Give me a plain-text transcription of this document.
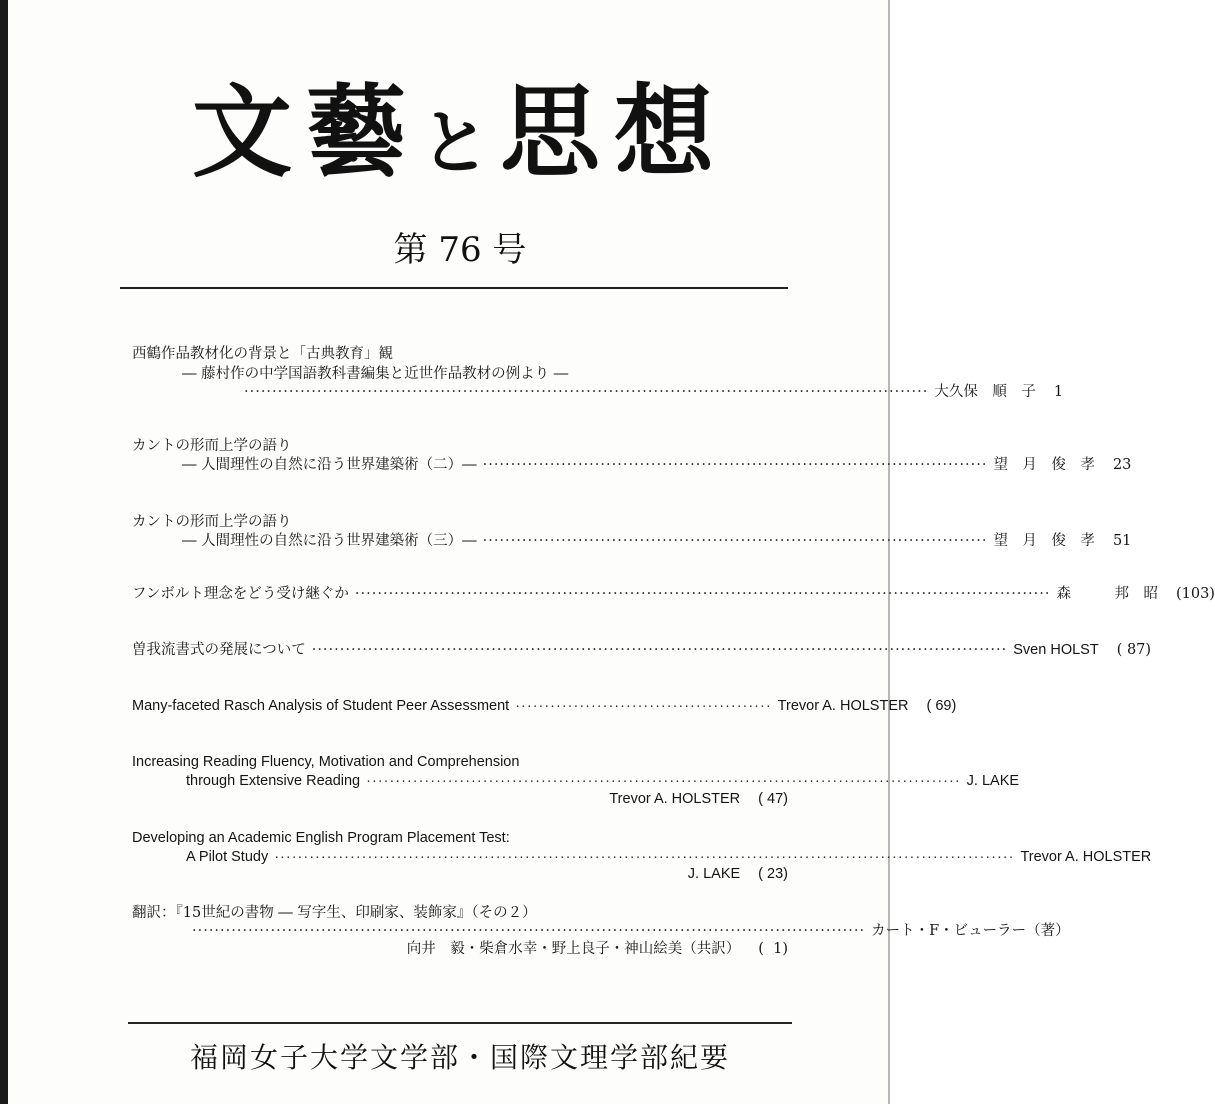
文藝と思想
第 76 号
西鶴作品教材化の背景と「古典教育」観
― 藤村作の中学国語教科書編集と近世作品教材の例より ―
·························································································································· 大久保　順　子 1
カントの形而上学の語り
― 人間理性の自然に沿う世界建築術（二）― ·························································································· 望　月　俊　孝 23
カントの形而上学の語り
― 人間理性の自然に沿う世界建築術（三）― ·························································································· 望　月　俊　孝 51
フンボルト理念をどう受け継ぐか ···························································································································· 森　　　邦　昭 (103)
曽我流書式の発展について ···························································································································· Sven HOLST ( 87)
Many-faceted Rasch Analysis of Student Peer Assessment ············································ Trevor A. HOLSTER ( 69)
Increasing Reading Fluency, Motivation and Comprehension
through Extensive Reading ······································································································ J. LAKE
Trevor A. HOLSTER ( 47)
Developing an Academic English Program Placement Test:
A Pilot Study ······························································································································· Trevor A. HOLSTER
J. LAKE ( 23)
翻訳：『15世紀の書物 ― 写字生、印刷家、装飾家』（その２）
························································································································ カート・F・ビューラー（著）
向井　毅・柴倉水幸・野上良子・神山絵美（共訳） (  1)
福岡女子大学文学部・国際文理学部紀要
